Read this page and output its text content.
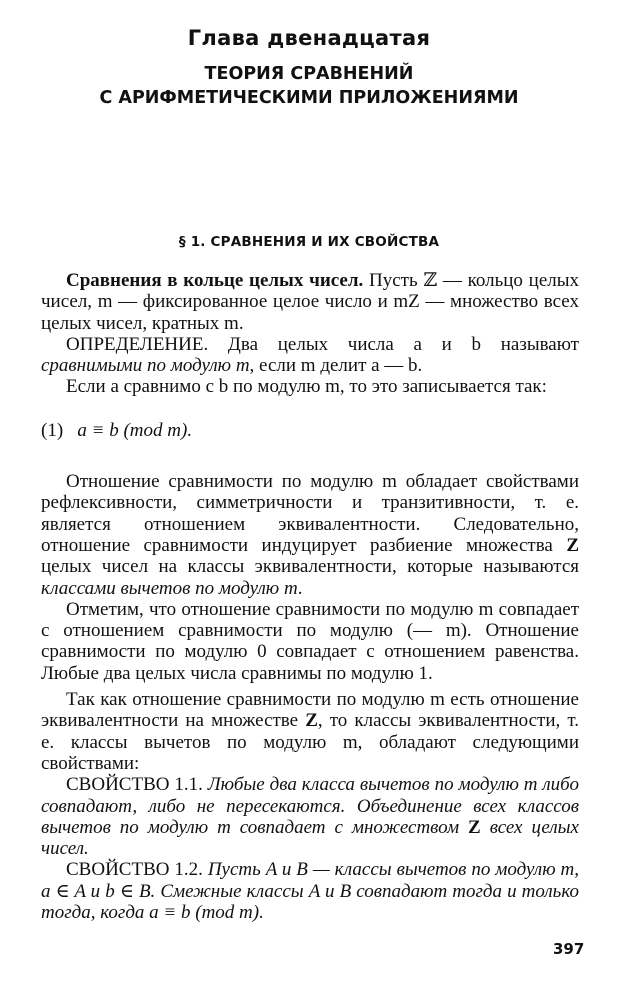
Глава двенадцатая
ТЕОРИЯ СРАВНЕНИЙ
С АРИФМЕТИЧЕСКИМИ ПРИЛОЖЕНИЯМИ
§ 1. СРАВНЕНИЯ И ИХ СВОЙСТВА

Сравнения в кольце целых чисел. Пусть ℤ — кольцо целых чисел, m — фиксированное целое число и mZ — множество всех целых чисел, кратных m.

ОПРЕДЕЛЕНИЕ. Два целых числа a и b называют сравнимыми по модулю m, если m делит a — b.

Если a сравнимо с b по модулю m, то это записывается так:

(1) a ≡ b (mod m).

Отношение сравнимости по модулю m обладает свойствами рефлексивности, симметричности и транзитивности, т. е. является отношением эквивалентности. Следовательно, отношение сравнимости индуцирует разбиение множества Z целых чисел на классы эквивалентности, которые называются классами вычетов по модулю m.

Отметим, что отношение сравнимости по модулю m совпадает с отношением сравнимости по модулю (— m). Отношение сравнимости по модулю 0 совпадает с отношением равенства. Любые два целых числа сравнимы по модулю 1.

Так как отношение сравнимости по модулю m есть отношение эквивалентности на множестве Z, то классы эквивалентности, т. е. классы вычетов по модулю m, обладают следующими свойствами:

СВОЙСТВО 1.1. Любые два класса вычетов по модулю m либо совпадают, либо не пересекаются. Объединение всех классов вычетов по модулю m совпадает с множеством Z всех целых чисел.

СВОЙСТВО 1.2. Пусть A и B — классы вычетов по модулю m, a ∈ A и b ∈ B. Смежные классы A и B совпадают тогда и только тогда, когда a ≡ b (mod m).

397
